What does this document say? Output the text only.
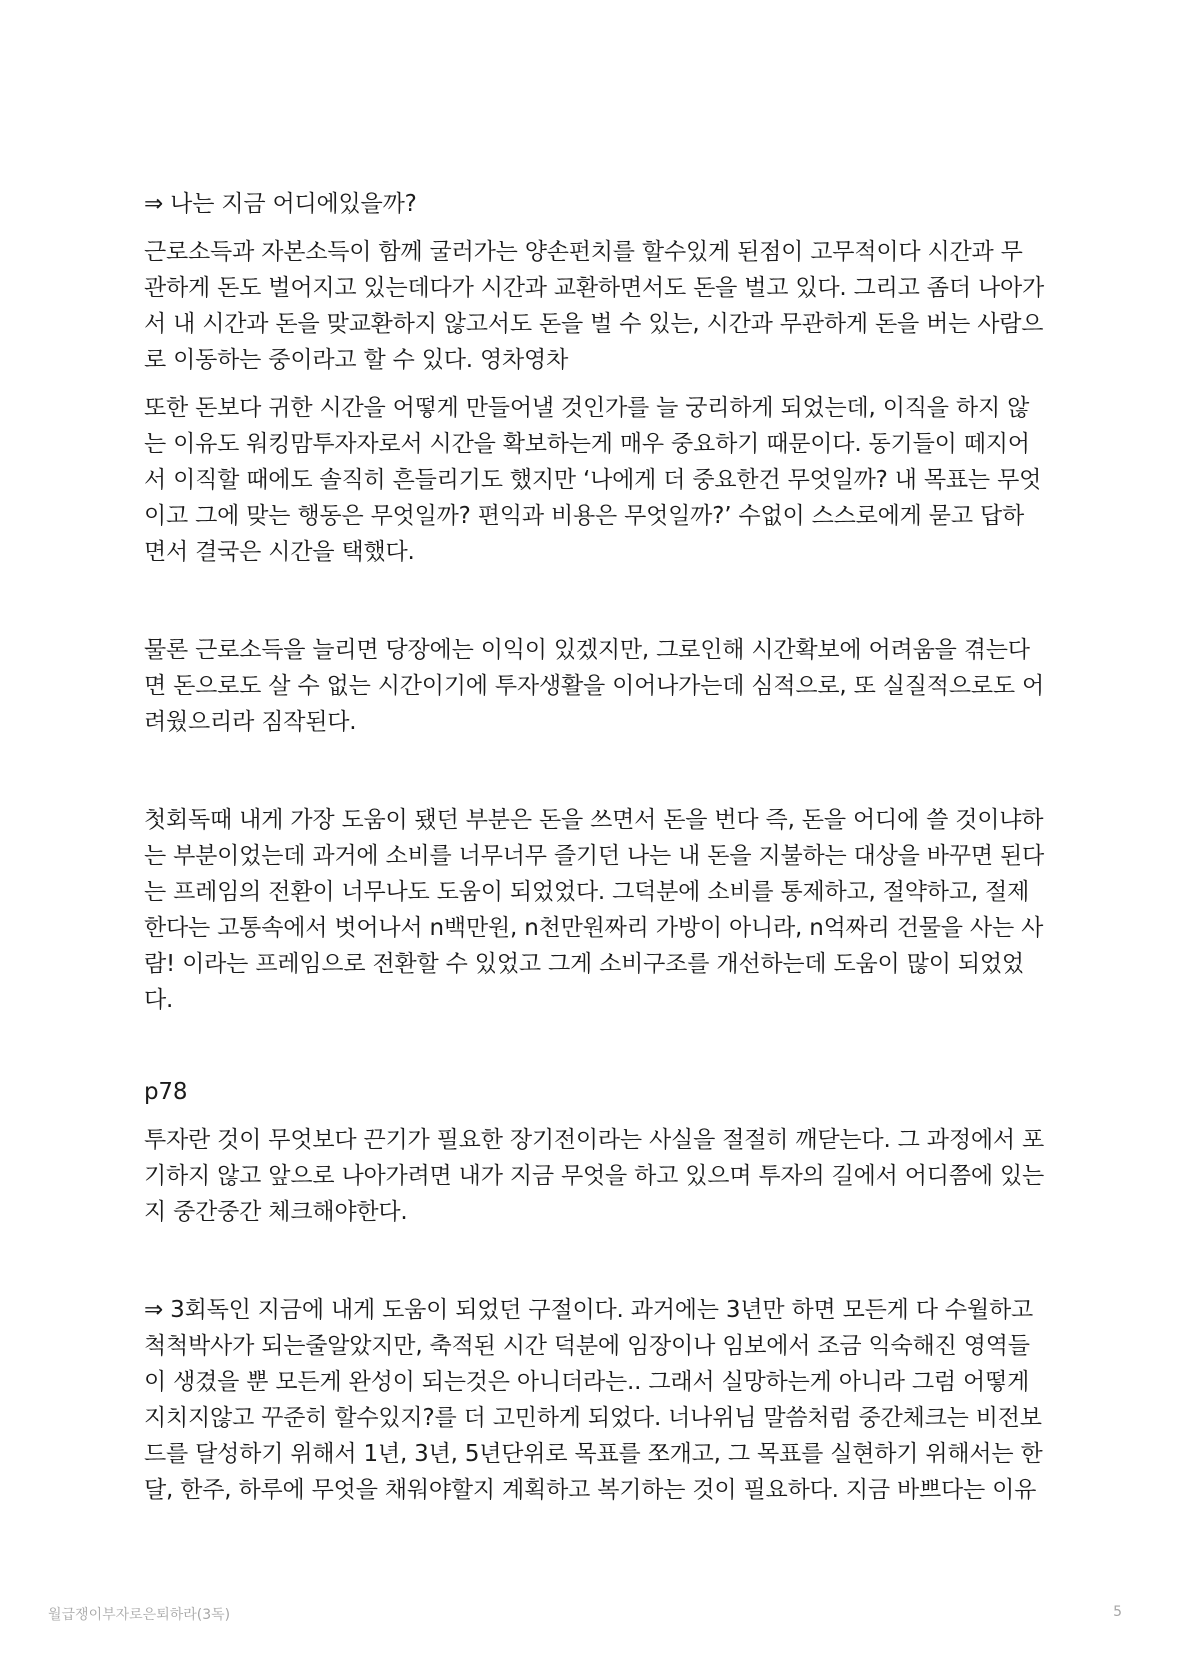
⇒ 나는 지금 어디에있을까?

근로소득과 자본소득이 함께 굴러가는 양손펀치를 할수있게 된점이 고무적이다 시간과 무관하게 돈도 벌어지고 있는데다가 시간과 교환하면서도 돈을 벌고 있다. 그리고 좀더 나아가서 내 시간과 돈을 맞교환하지 않고서도 돈을 벌 수 있는, 시간과 무관하게 돈을 버는 사람으로 이동하는 중이라고 할 수 있다. 영차영차

또한 돈보다 귀한 시간을 어떻게 만들어낼 것인가를 늘 궁리하게 되었는데, 이직을 하지 않는 이유도 워킹맘투자자로서 시간을 확보하는게 매우 중요하기 때문이다. 동기들이 떼지어서 이직할 때에도 솔직히 흔들리기도 했지만 ‘나에게 더 중요한건 무엇일까? 내 목표는 무엇이고 그에 맞는 행동은 무엇일까? 편익과 비용은 무엇일까?’ 수없이 스스로에게 묻고 답하면서 결국은 시간을 택했다.

물론 근로소득을 늘리면 당장에는 이익이 있겠지만, 그로인해 시간확보에 어려움을 겪는다면 돈으로도 살 수 없는 시간이기에 투자생활을 이어나가는데 심적으로, 또 실질적으로도 어려웠으리라 짐작된다.

첫회독때 내게 가장 도움이 됐던 부분은 돈을 쓰면서 돈을 번다 즉, 돈을 어디에 쓸 것이냐하는 부분이었는데 과거에 소비를 너무너무 즐기던 나는 내 돈을 지불하는 대상을 바꾸면 된다는 프레임의 전환이 너무나도 도움이 되었었다. 그덕분에 소비를 통제하고, 절약하고, 절제한다는 고통속에서 벗어나서 n백만원, n천만원짜리 가방이 아니라, n억짜리 건물을 사는 사람! 이라는 프레임으로 전환할 수 있었고 그게 소비구조를 개선하는데 도움이 많이 되었었다.

p78

투자란 것이 무엇보다 끈기가 필요한 장기전이라는 사실을 절절히 깨닫는다. 그 과정에서 포기하지 않고 앞으로 나아가려면 내가 지금 무엇을 하고 있으며 투자의 길에서 어디쯤에 있는지 중간중간 체크해야한다.

⇒ 3회독인 지금에 내게 도움이 되었던 구절이다. 과거에는 3년만 하면 모든게 다 수월하고 척척박사가 되는줄알았지만, 축적된 시간 덕분에 임장이나 임보에서 조금 익숙해진 영역들이 생겼을 뿐 모든게 완성이 되는것은 아니더라는.. 그래서 실망하는게 아니라 그럼 어떻게 지치지않고 꾸준히 할수있지?를 더 고민하게 되었다. 너나위님 말씀처럼 중간체크는 비전보드를 달성하기 위해서 1년, 3년, 5년단위로 목표를 쪼개고, 그 목표를 실현하기 위해서는 한달, 한주, 하루에 무엇을 채워야할지 계획하고 복기하는 것이 필요하다. 지금 바쁘다는 이유

월급쟁이부자로은퇴하라(3독)	5
